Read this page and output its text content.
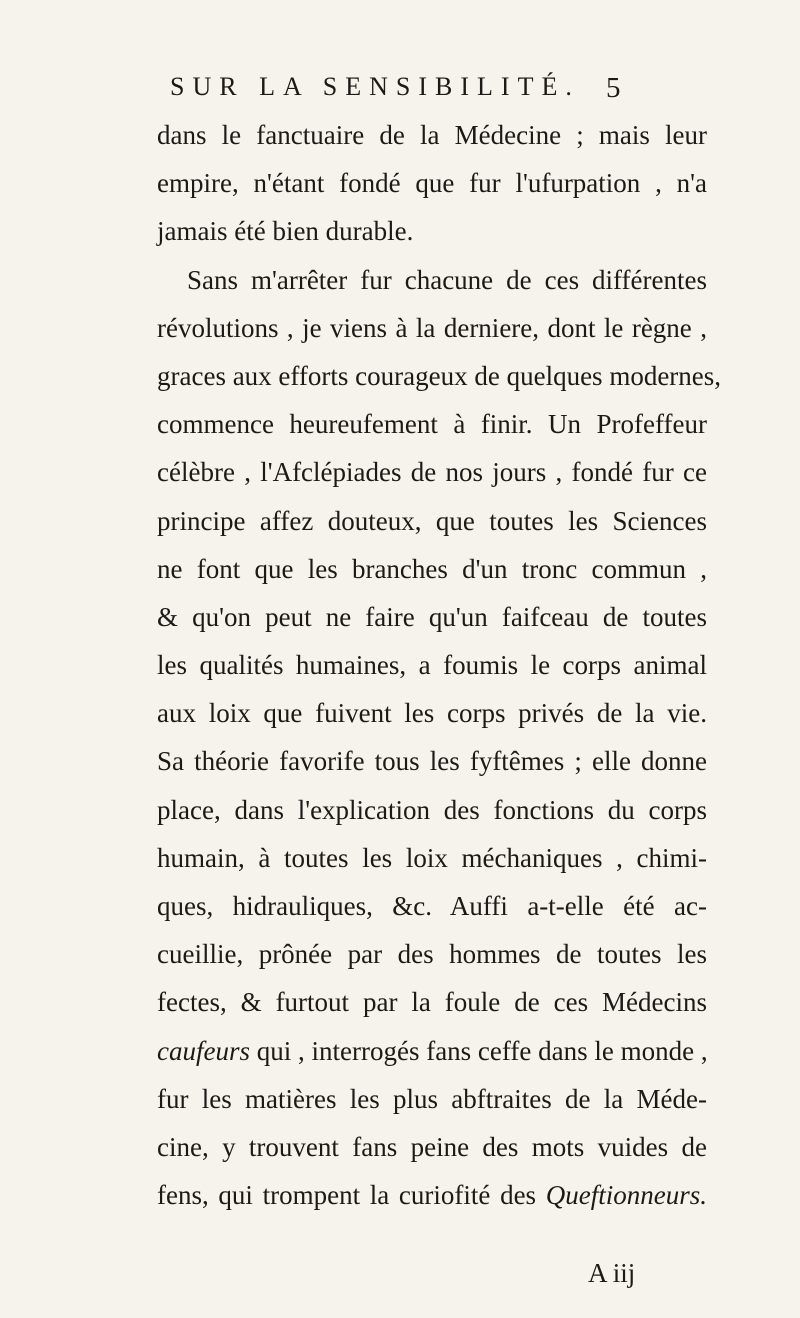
SUR LA SENSIBILITÉ. 5
dans le fanctuaire de la Médecine ; mais leur
empire, n'étant fondé que fur l'ufurpation , n'a
jamais été bien durable.
Sans m'arrêter fur chacune de ces différentes
révolutions , je viens à la derniere, dont le règne ,
graces aux efforts courageux de quelques modernes,
commence heureufement à finir. Un Profeffeur
célèbre , l'Afclépiades de nos jours , fondé fur ce
principe affez douteux, que toutes les Sciences
ne font que les branches d'un tronc commun ,
& qu'on peut ne faire qu'un faifceau de toutes
les qualités humaines, a foumis le corps animal
aux loix que fuivent les corps privés de la vie.
Sa théorie favorife tous les fyftêmes ; elle donne
place, dans l'explication des fonctions du corps
humain, à toutes les loix méchaniques , chimi-
ques, hidrauliques, &c. Auffi a-t-elle été ac-
cueillie, prônée par des hommes de toutes les
fectes, & furtout par la foule de ces Médecins
caufeurs qui , interrogés fans ceffe dans le monde ,
fur les matières les plus abftraites de la Méde-
cine, y trouvent fans peine des mots vuides de
fens, qui trompent la curiofité des Queftionneurs.
A iij
